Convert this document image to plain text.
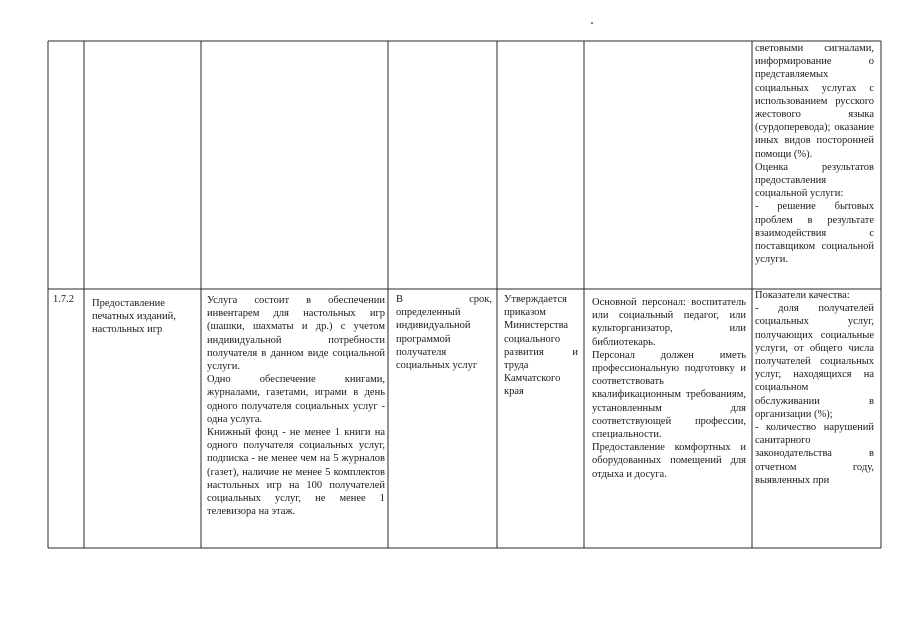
световыми сигналами, информирование о представляемых социальных услугах с использованием русского жестового языка (сурдоперевода); оказание иных видов посторонней помощи (%).

Оценка результатов предоставления социальной услуги:

- решение бытовых проблем в результате взаимодействия с поставщиком социальной услуги.

1.7.2	Предоставление печатных изданий, настольных игр

Услуга состоит в обеспечении инвентарем для настольных игр (шашки, шахматы и др.) с учетом индивидуальной потребности получателя в данном виде социальной услуги.

Одно обеспечение книгами, журналами, газетами, играми в день одного получателя социальных услуг - одна услуга.

Книжный фонд - не менее 1 книги на одного получателя социальных услуг, подписка - не менее чем на 5 журналов (газет), наличие не менее 5 комплектов настольных игр на 100 получателей социальных услуг, не менее 1 телевизора на этаж.

В срок, определенный индивидуальной программой получателя социальных услуг
Утверждается приказом Министерства социального развития и труда Камчатского края

Основной персонал: воспитатель или социальный педагог, или культорганизатор, или библиотекарь.

Персонал должен иметь профессиональную подготовку и соответствовать квалификационным требованиям, установленным для соответствующей профессии, специальности.

Предоставление комфортных и оборудованных помещений для отдыха и досуга.

Показатели качества:

- доля получателей социальных услуг, получающих социальные услуги, от общего числа получателей социальных услуг, находящихся на социальном обслуживании в организации (%);

- количество нарушений санитарного законодательства в отчетном году, выявленных при
